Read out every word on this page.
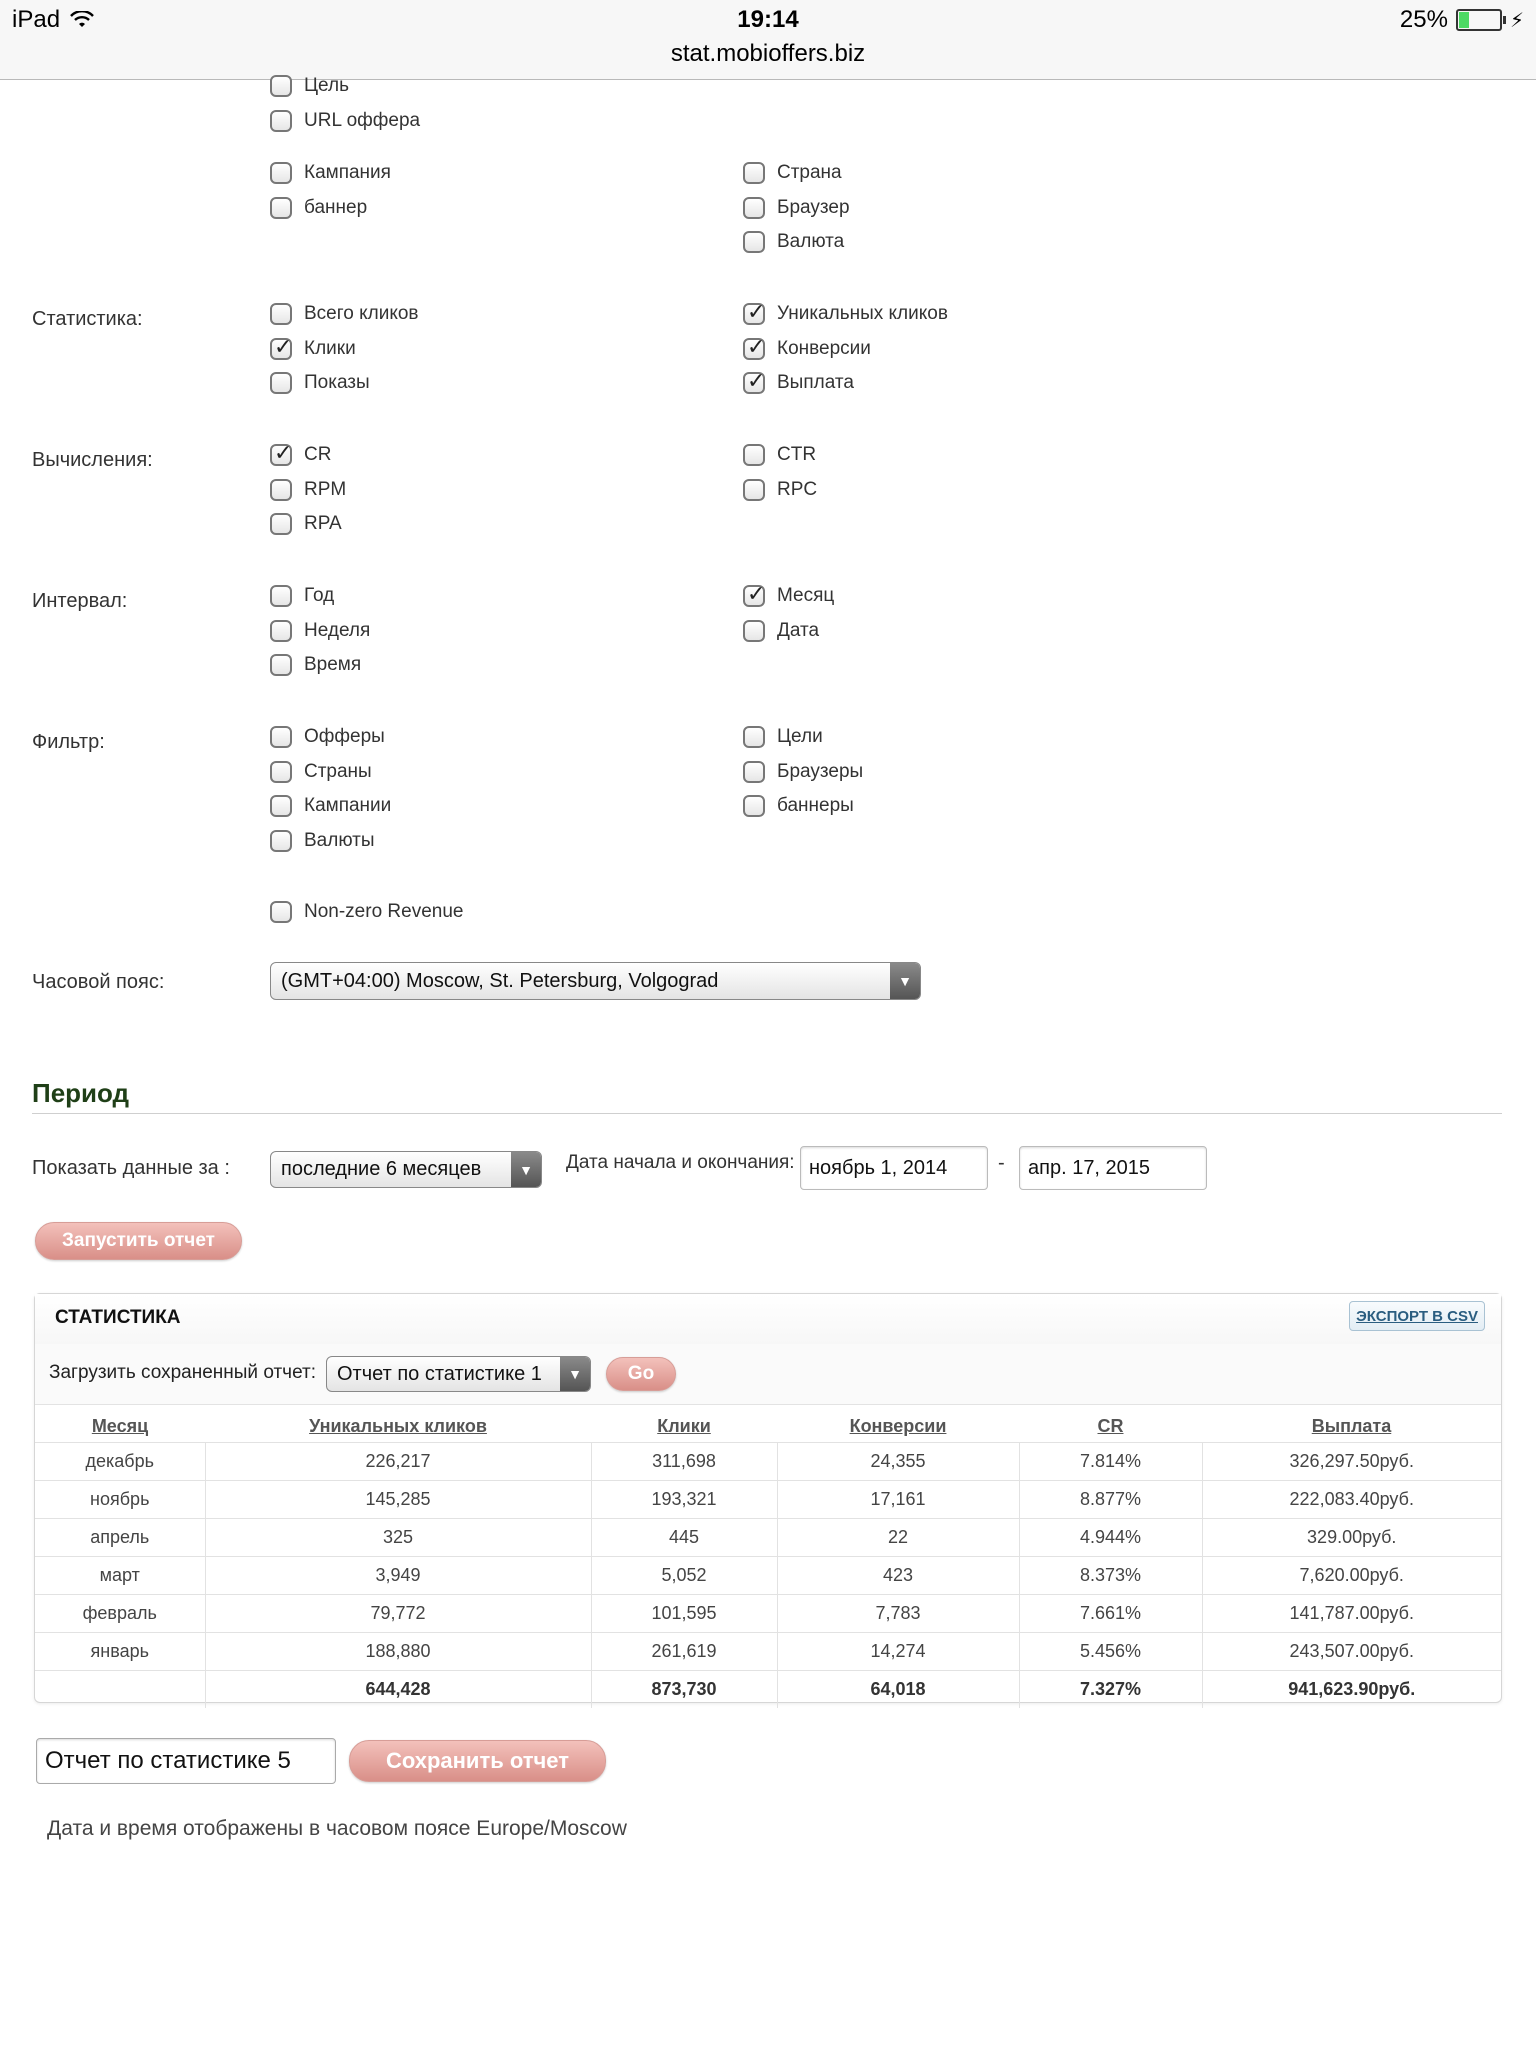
iPad	19:14
stat.mobioffers.biz
25%	⚡
Цель
URL оффера
Кампания
баннер
Страна
Браузер
Валюта
Всего кликов
✓
Клики
Показы
✓
Уникальных кликов
✓
Конверсии
✓
Выплата
✓
CR
RPM
RPA
CTR
RPC
Год
Неделя
Время
✓
Месяц
Дата
Офферы
Страны
Кампании
Валюты
Цели
Браузеры
баннеры
Non-zero Revenue
Статистика:
Вычисления:
Интервал:
Фильтр:
Часовой пояс:	(GMT+04:00) Moscow, St. Petersburg, Volgograd	▼
Период
Показать данные за :	последние 6 месяцев	▼	Дата начала и окончания: ноябрь 1, 2014	- апр. 17, 2015
Запустить отчет
СТАТИСТИКА	ЭКСПОРТ В CSV
Загрузить сохраненный отчет: Отчет по статистике 1	▼	Go
Месяц	Уникальных кликов	Клики	Конверсии	CR	Выплата
декабрь	226,217	311,698	24,355	7.814%	326,297.50руб.
ноябрь	145,285	193,321	17,161	8.877%	222,083.40руб.
апрель	325	445	22	4.944%	329.00руб.
март	3,949	5,052	423	8.373%	7,620.00руб.
февраль	79,772	101,595	7,783	7.661%	141,787.00руб.
январь	188,880	261,619	14,274	5.456%	243,507.00руб.
	644,428	873,730	64,018	7.327%	941,623.90руб.
Отчет по статистике 5	Сохранить отчет
Дата и время отображены в часовом поясе Europe/Moscow
